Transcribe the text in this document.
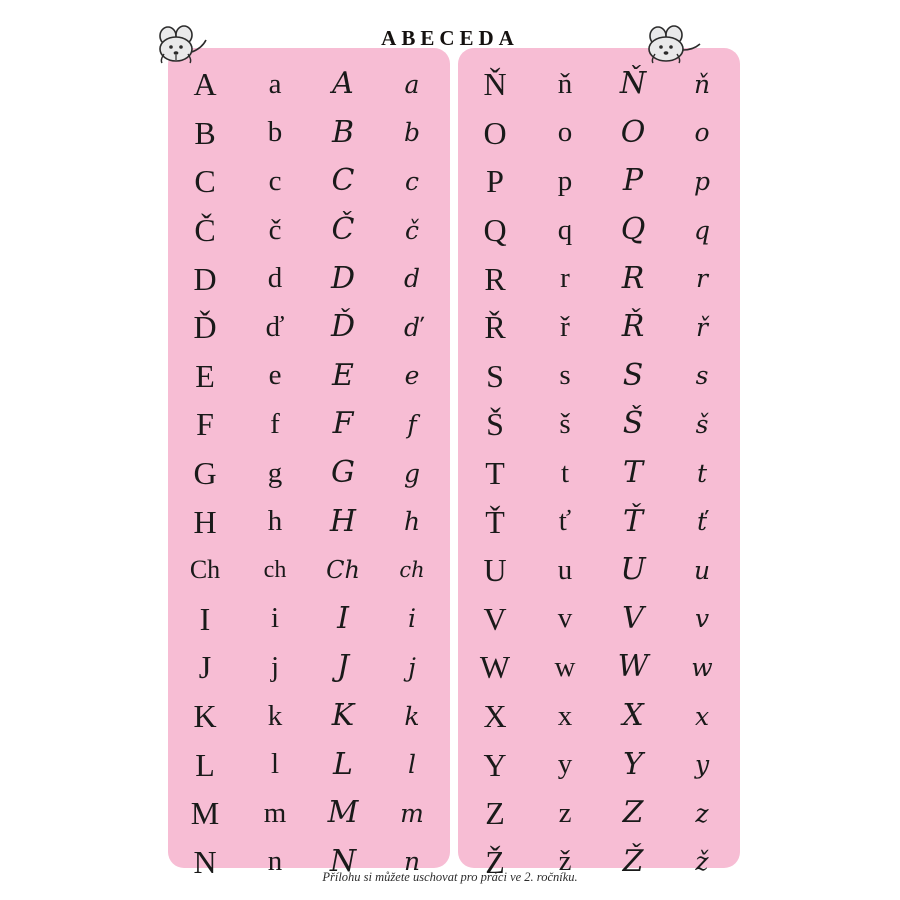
ABECEDA
A	a	A	a
B	b	B	b
C	c	C	c
Č	č	Č	č
D	d	D	d
Ď	ď	Ď	ď
E	e	E	e
F	f	F	f
G	g	G	g
H	h	H	h
Ch	ch	Ch	ch
I	i	I	i
J	j	J	j
K	k	K	k
L	l	L	l
M	m	M	m
N	n	N	n
Ň	ň	Ň	ň
O	o	O	o
P	p	P	p
Q	q	Q	q
R	r	R	r
Ř	ř	Ř	ř
S	s	S	s
Š	š	Š	š
T	t	T	t
Ť	ť	Ť	ť
U	u	U	u
V	v	V	v
W	w	W	w
X	x	X	x
Y	y	Y	y
Z	z	Z	z
Ž	ž	Ž	ž
Přílohu si můžete uschovat pro práci ve 2. ročníku.
